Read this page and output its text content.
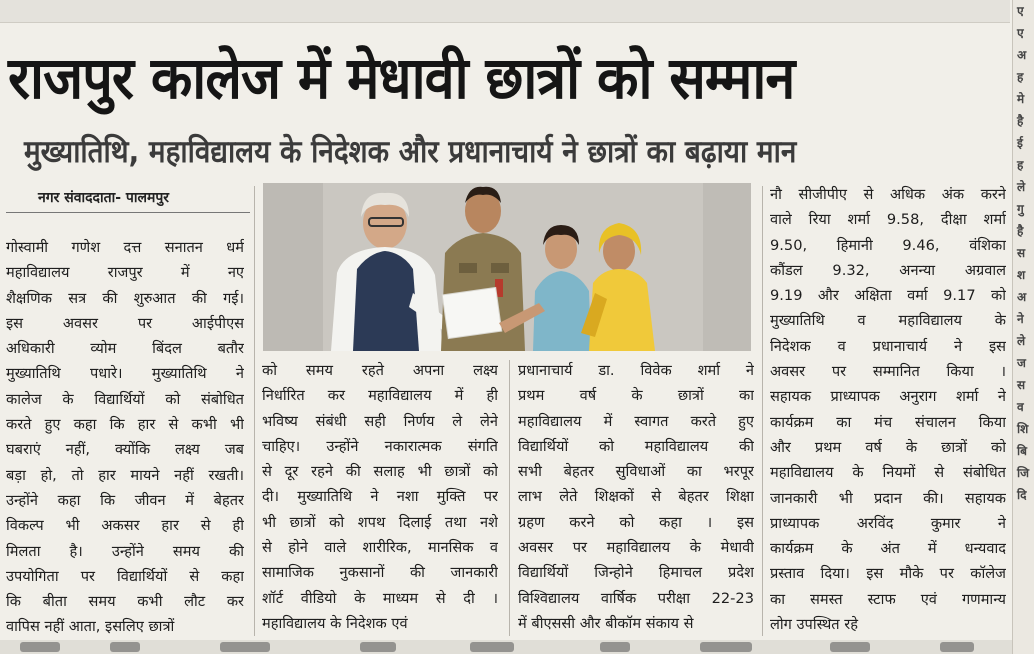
राजपुर कालेज में मेधावी छात्रों को सम्मान
मुख्यातिथि, महाविद्यालय के निदेशक और प्रधानाचार्य ने छात्रों का बढ़ाया मान
नगर संवाददाता- पालमपुर
गोस्वामी गणेश दत्त सनातन धर्म
महाविद्यालय राजपुर में नए
शैक्षणिक सत्र की शुरुआत की गई।
इस अवसर पर आईपीएस
अधिकारी व्योम बिंदल बतौर
मुख्यातिथि पधारे। मुख्यातिथि ने
कालेज के विद्यार्थियों को संबोधित
करते हुए कहा कि हार से कभी भी
घबराएं नहीं, क्योंकि लक्ष्य जब
बड़ा हो, तो हार मायने नहीं रखती।
उन्होंने कहा कि जीवन में बेहतर
विकल्प भी अकसर हार से ही
मिलता है। उन्होंने समय की
उपयोगिता पर विद्यार्थियों से कहा
कि बीता समय कभी लौट कर
वापिस नहीं आता, इसलिए छात्रों
को समय रहते अपना लक्ष्य
निर्धारित कर महाविद्यालय में ही
भविष्य संबंधी सही निर्णय ले लेने
चाहिए। उन्होंने नकारात्मक संगति
से दूर रहने की सलाह भी छात्रों को
दी। मुख्यातिथि ने नशा मुक्ति पर
भी छात्रों को शपथ दिलाई तथा नशे
से होने वाले शारीरिक, मानसिक व
सामाजिक नुकसानों की जानकारी
शॉर्ट वीडियो के माध्यम से दी ।
महाविद्यालय के निदेशक एवं
प्रधानाचार्य डा. विवेक शर्मा ने
प्रथम वर्ष के छात्रों का
महाविद्यालय में स्वागत करते हुए
विद्यार्थियों को महाविद्यालय की
सभी बेहतर सुविधाओं का भरपूर
लाभ लेते शिक्षकों से बेहतर शिक्षा
ग्रहण करने को कहा । इस
अवसर पर महाविद्यालय के मेधावी
विद्यार्थियों जिन्होने हिमाचल प्रदेश
विश्विद्यालय वार्षिक परीक्षा 22-23
में बीएससी और बीकॉम संकाय से
नौ सीजीपीए से अधिक अंक करने
वाले रिया शर्मा 9.58, दीक्षा शर्मा
9.50, हिमानी 9.46, वंशिका
कौंडल 9.32, अनन्या अग्रवाल
9.19 और अक्षिता वर्मा 9.17 को
मुख्यातिथि व महाविद्यालय के
निदेशक व प्रधानाचार्य ने इस
अवसर पर सम्मानित किया ।
सहायक प्राध्यापक अनुराग शर्मा ने
कार्यक्रम का मंच संचालन किया
और प्रथम वर्ष के छात्रों को
महाविद्यालय के नियमों से संबोधित
जानकारी भी प्रदान की। सहायक
प्राध्यापक अरविंद कुमार ने
कार्यक्रम के अंत में धन्यवाद
प्रस्ताव दिया। इस मौके पर कॉलेज
का समस्त स्टाफ एवं गणमान्य
लोग उपस्थित रहे
ए
ए
अ
ह
मे
है
ई
ह
ले
गु
है
स
श
अ
ने
ले
ज
स
व
शि
बि
जि
दि
